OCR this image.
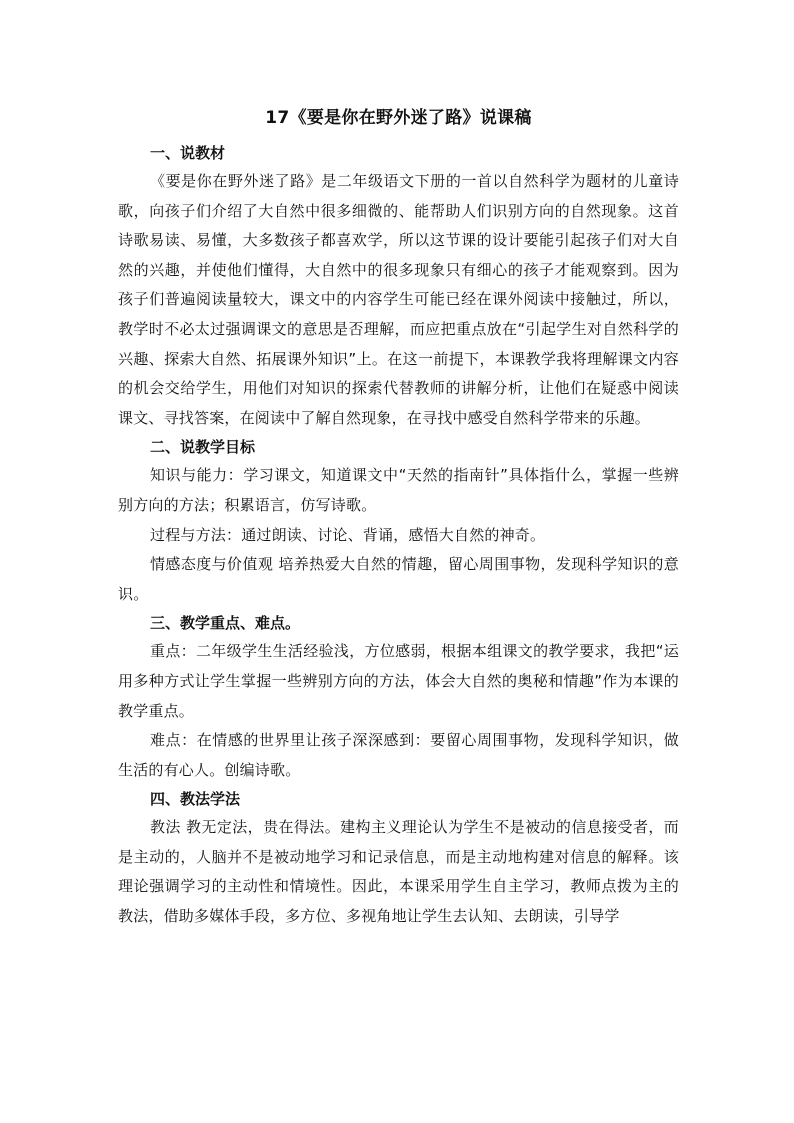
17《要是你在野外迷了路》说课稿
一、说教材

《要是你在野外迷了路》是二年级语文下册的一首以自然科学为题材的儿童诗歌，向孩子们介绍了大自然中很多细微的、能帮助人们识别方向的自然现象。这首诗歌易读、易懂，大多数孩子都喜欢学，所以这节课的设计要能引起孩子们对大自然的兴趣，并使他们懂得，大自然中的很多现象只有细心的孩子才能观察到。因为孩子们普遍阅读量较大，课文中的内容学生可能已经在课外阅读中接触过，所以，教学时不必太过强调课文的意思是否理解，而应把重点放在“引起学生对自然科学的兴趣、探索大自然、拓展课外知识”上。在这一前提下，本课教学我将理解课文内容的机会交给学生，用他们对知识的探索代替教师的讲解分析，让他们在疑惑中阅读课文、寻找答案，在阅读中了解自然现象，在寻找中感受自然科学带来的乐趣。

二、说教学目标

知识与能力：学习课文，知道课文中“天然的指南针”具体指什么，掌握一些辨别方向的方法；积累语言，仿写诗歌。

过程与方法：通过朗读、讨论、背诵，感悟大自然的神奇。

情感态度与价值观 培养热爱大自然的情趣，留心周围事物，发现科学知识的意识。

三、教学重点、难点。

重点：二年级学生生活经验浅，方位感弱，根据本组课文的教学要求，我把“运用多种方式让学生掌握一些辨别方向的方法，体会大自然的奥秘和情趣”作为本课的教学重点。

难点：在情感的世界里让孩子深深感到：要留心周围事物，发现科学知识，做生活的有心人。创编诗歌。

四、教法学法

教法 教无定法，贵在得法。建构主义理论认为学生不是被动的信息接受者，而是主动的，人脑并不是被动地学习和记录信息，而是主动地构建对信息的解释。该理论强调学习的主动性和情境性。因此，本课采用学生自主学习，教师点拨为主的教法，借助多媒体手段，多方位、多视角地让学生去认知、去朗读，引导学
